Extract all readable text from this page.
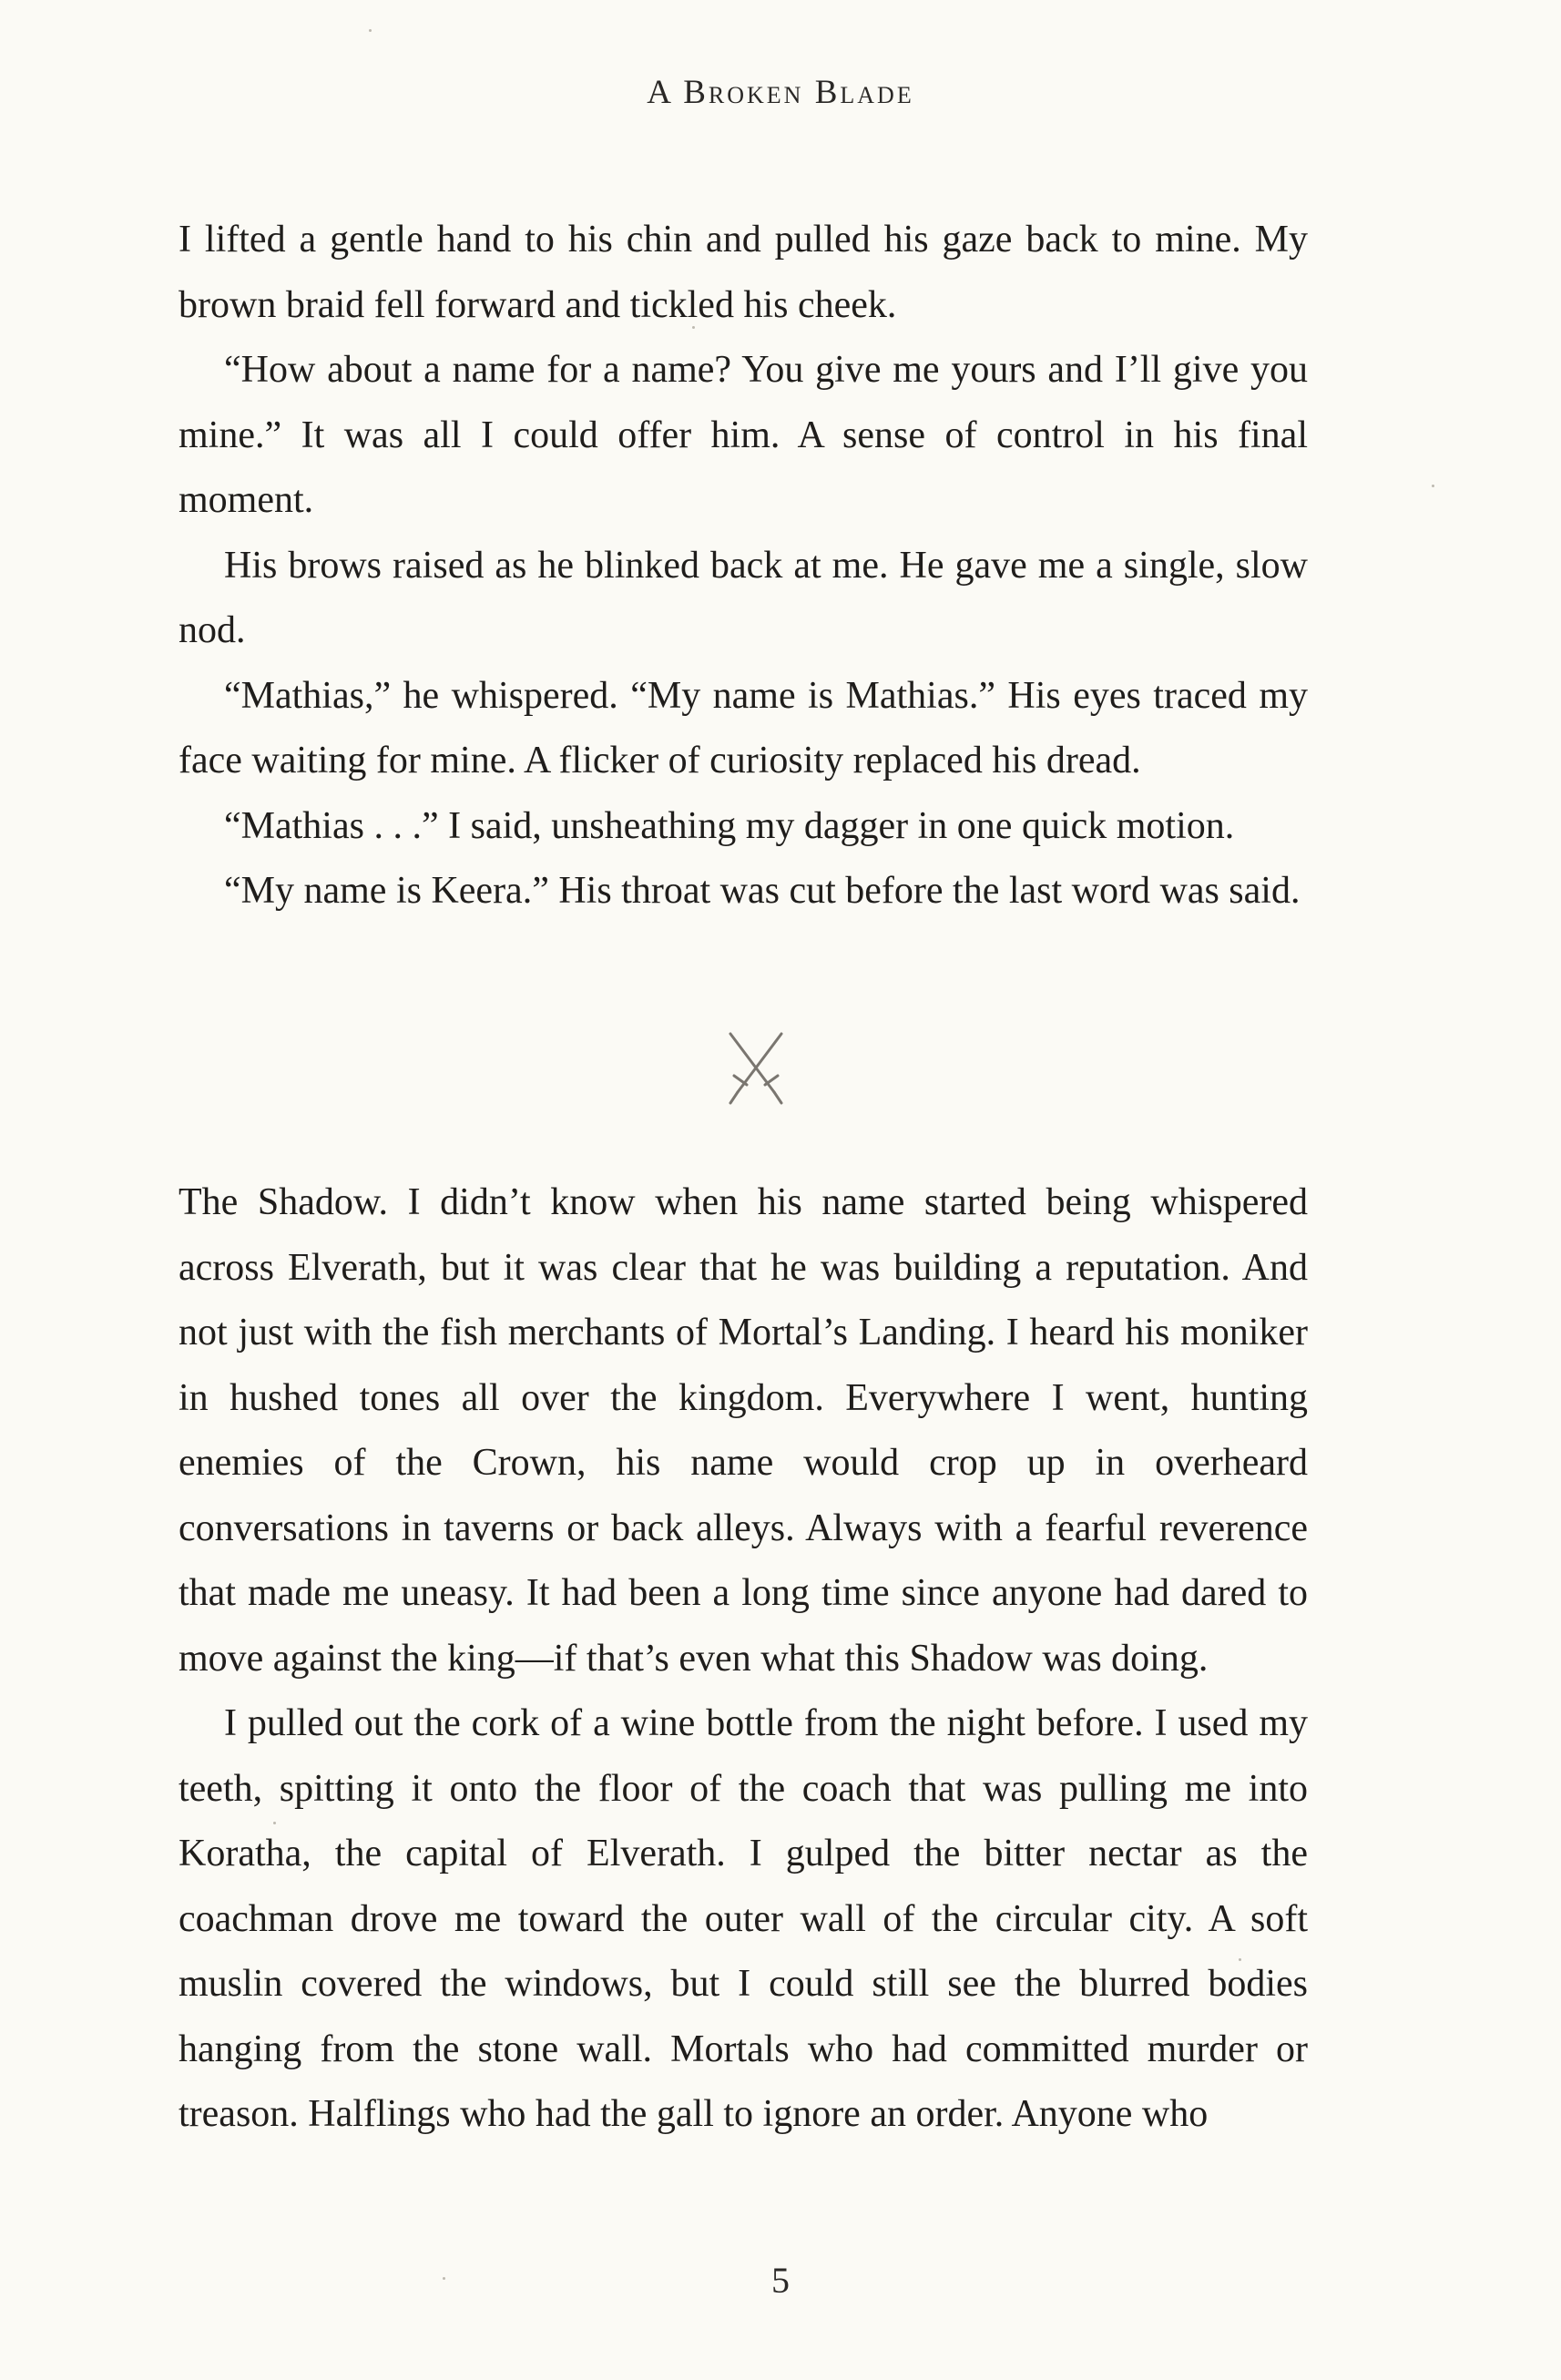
A Broken Blade

I lifted a gentle hand to his chin and pulled his gaze back to mine. My brown braid fell forward and tickled his cheek.

“How about a name for a name? You give me yours and I’ll give you mine.” It was all I could offer him. A sense of control in his final moment.

His brows raised as he blinked back at me. He gave me a single, slow nod.

“Mathias,” he whispered. “My name is Mathias.” His eyes traced my face waiting for mine. A flicker of curiosity replaced his dread.

“Mathias . . .” I said, unsheathing my dagger in one quick motion.

“My name is Keera.” His throat was cut before the last word was said.

The Shadow. I didn’t know when his name started being whispered across Elverath, but it was clear that he was building a reputation. And not just with the fish merchants of Mortal’s Landing. I heard his moniker in hushed tones all over the kingdom. Everywhere I went, hunting enemies of the Crown, his name would crop up in overheard conversations in taverns or back alleys. Always with a fearful reverence that made me uneasy. It had been a long time since anyone had dared to move against the king—if that’s even what this Shadow was doing.

I pulled out the cork of a wine bottle from the night before. I used my teeth, spitting it onto the floor of the coach that was pulling me into Koratha, the capital of Elverath. I gulped the bitter nectar as the coachman drove me toward the outer wall of the circular city. A soft muslin covered the windows, but I could still see the blurred bodies hanging from the stone wall. Mortals who had committed murder or treason. Halflings who had the gall to ignore an order. Anyone who

5
